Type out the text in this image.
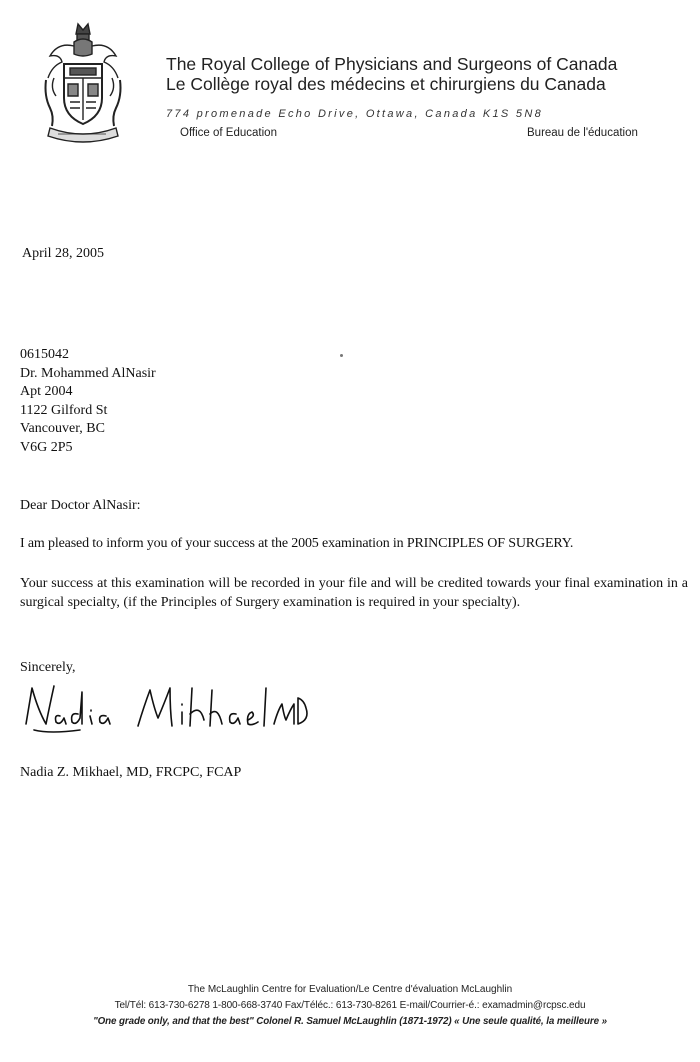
The Royal College of Physicians and Surgeons of Canada
Le Collège royal des médecins et chirurgiens du Canada
774 promenade Echo Drive, Ottawa, Canada K1S 5N8
Office of Education	Bureau de l'éducation
April 28, 2005
0615042
Dr. Mohammed AlNasir
Apt 2004
1122 Gilford St
Vancouver, BC
V6G 2P5
Dear Doctor AlNasir:
I am pleased to inform you of your success at the 2005 examination in PRINCIPLES OF SURGERY.
Your success at this examination will be recorded in your file and will be credited towards your final examination in a surgical specialty, (if the Principles of Surgery examination is required in your specialty).
Sincerely,
Nadia Z. Mikhael, MD, FRCPC, FCAP
The McLaughlin Centre for Evaluation/Le Centre d'évaluation McLaughlin
Tel/Tél: 613-730-6278 1-800-668-3740 Fax/Téléc.: 613-730-8261 E-mail/Courrier-é.: examadmin@rcpsc.edu
"One grade only, and that the best" Colonel R. Samuel McLaughlin (1871-1972) « Une seule qualité, la meilleure »
